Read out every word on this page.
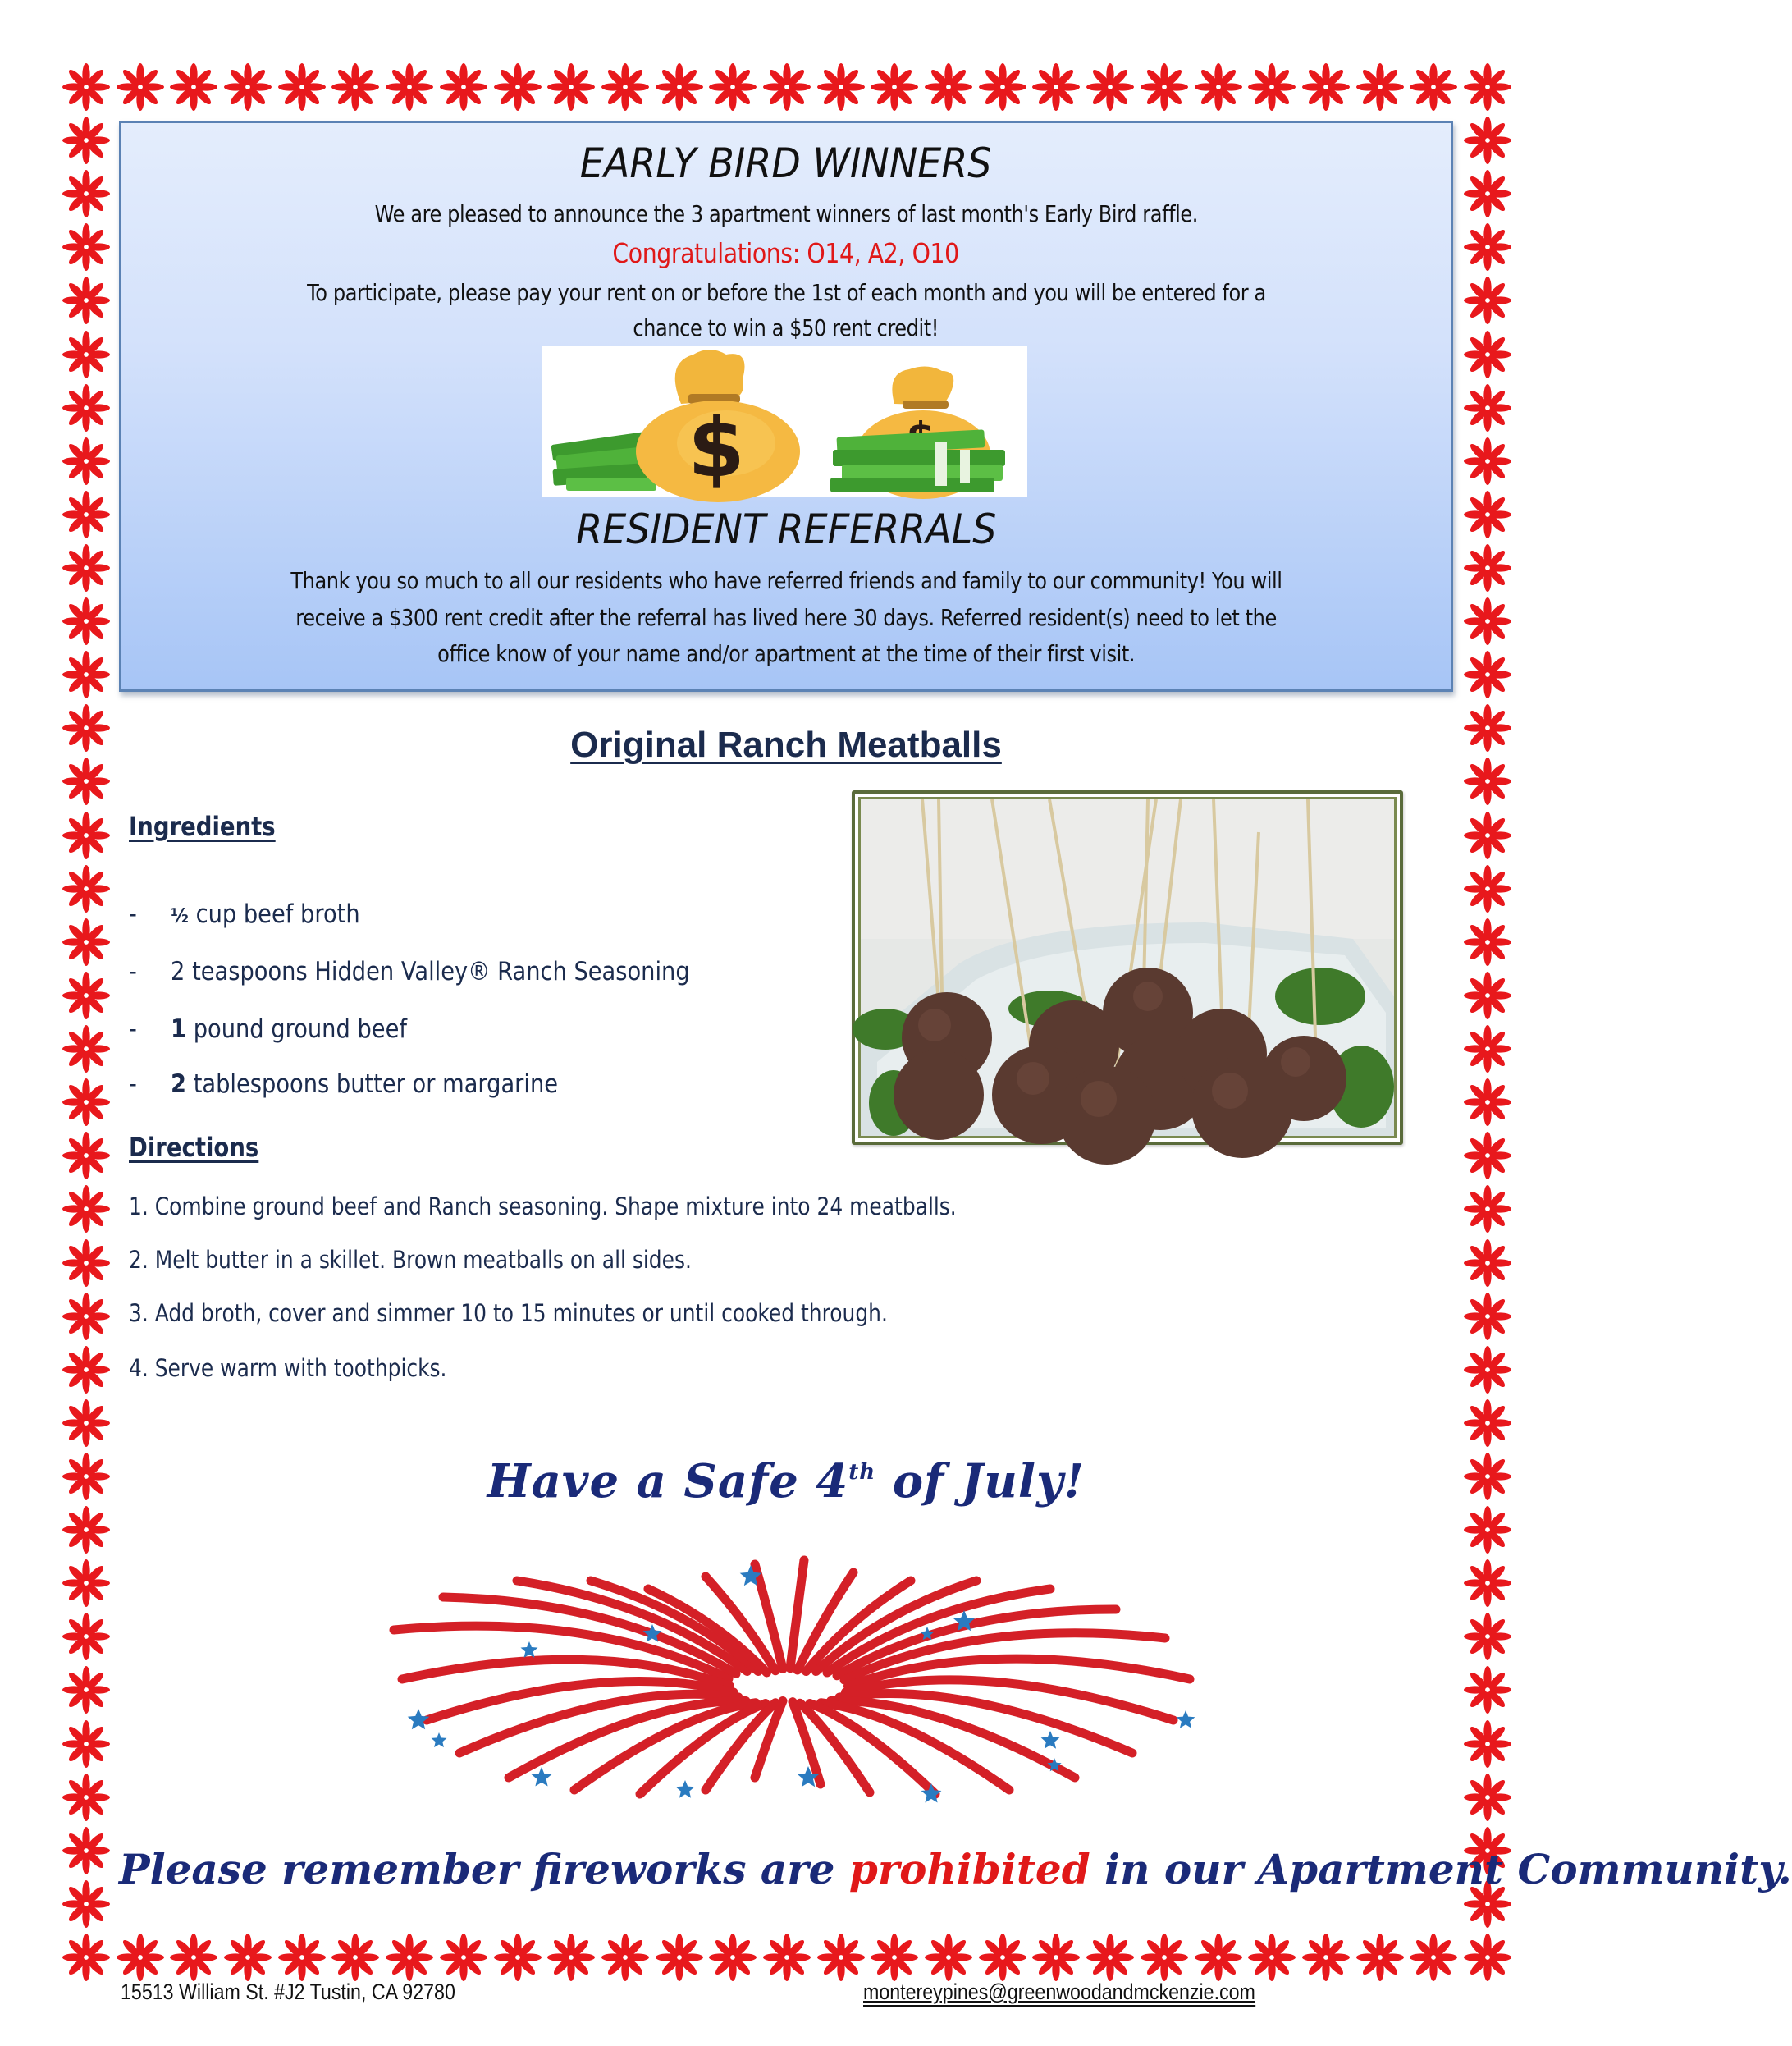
EARLY BIRD WINNERS
We are pleased to announce the 3 apartment winners of last month's Early Bird raffle.
Congratulations: O14, A2, O10
To participate, please pay your rent on or before the 1st of each month and you will be entered for a
chance to win a $50 rent credit!
$
RESIDENT REFERRALS
Thank you so much to all our residents who have referred friends and family to our community! You will
receive a $300 rent credit after the referral has lived here 30 days. Referred resident(s) need to let the
office know of your name and/or apartment at the time of their first visit.
Original Ranch Meatballs
Ingredients
- ½ cup beef broth
- 2 teaspoons Hidden Valley® Ranch Seasoning
- 1 pound ground beef
- 2 tablespoons butter or margarine
Directions
1. Combine ground beef and Ranch seasoning. Shape mixture into 24 meatballs.
2. Melt butter in a skillet. Brown meatballs on all sides.
3. Add broth, cover and simmer 10 to 15 minutes or until cooked through.
4. Serve warm with toothpicks.
Have a Safe 4th of July!
Please remember fireworks are prohibited in our Apartment Community.
15513 William St. #J2 Tustin, CA 92780	montereypines@greenwoodandmckenzie.com
